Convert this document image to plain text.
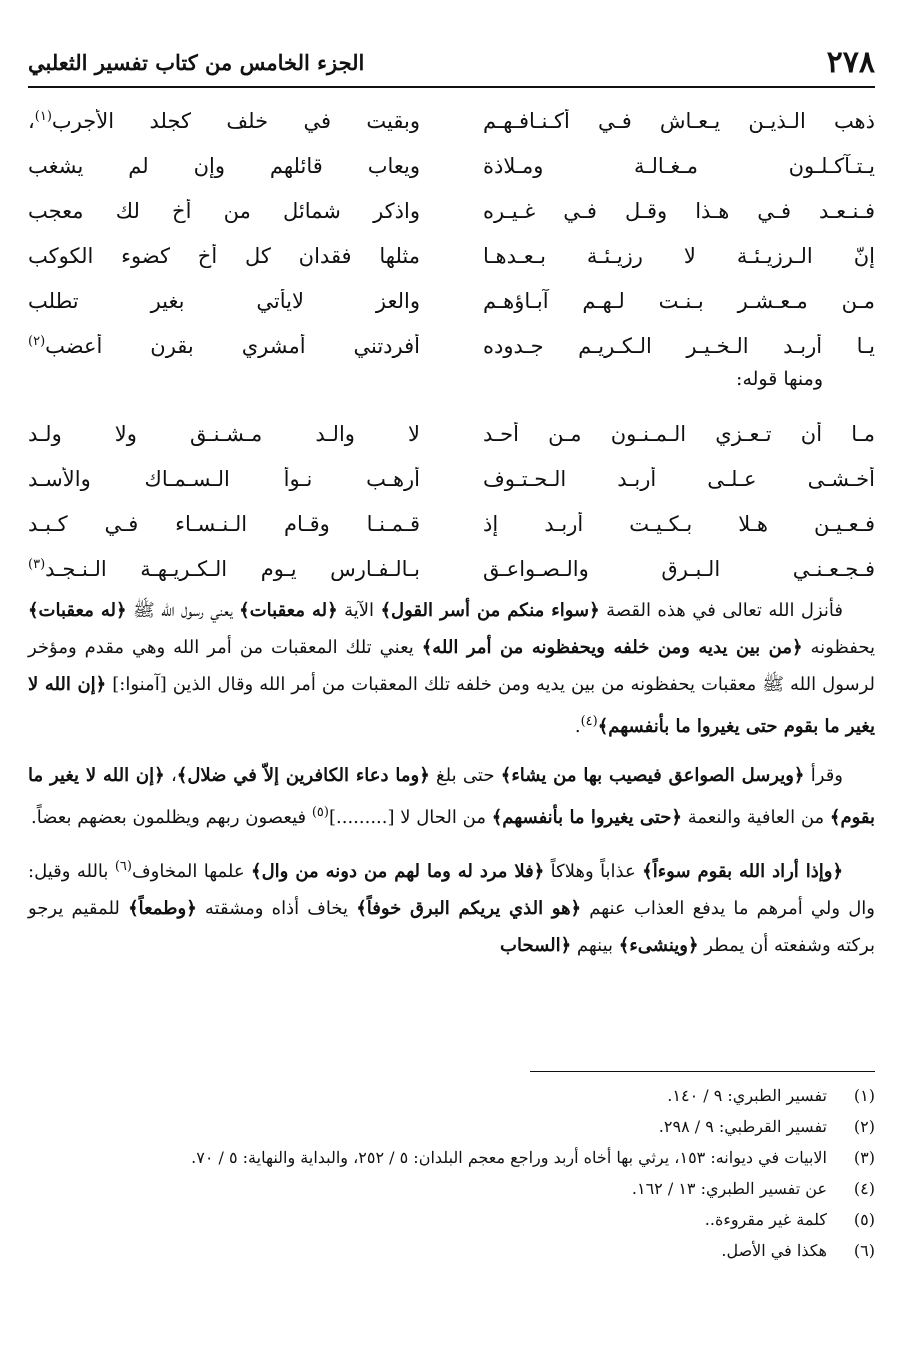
٢٧٨
الجزء الخامس من كتاب تفسير الثعلبي
ذهب الـذيـن يـعـاش فـي أكـنـافـهـم
وبقيت في خلف كجلد الأجرب$^{(١)}$،
يـتـآكـلـون مـغـالـة ومـلاذة
ويعاب قائلهم وإن لم يشغب
فـنـعـد فـي هـذا وقـل فـي غـيـره
واذكر شمائل من أخ لك معجب
إنّ الـرزيـئـة لا رزيـئـة بـعـدهـا
مثلها فقدان كل أخ كضوء الكوكب
مـن مـعـشـر بـنـت لـهـم آبـاؤهـم
والعز لايأتي بغير تطلب
يـا أربـد الـخـيـر الـكـريـم جـدوده
أفردتني أمشري بقرن أعضب$^{(٢)}$
ومنها قوله:
مـا أن تـعـزي الـمـنـون مـن أحـد
لا والـد مـشـنـق ولا ولـد
أخـشـى عـلـى أربـد الـحـتـوف
أرهـب نـوأ الـسـمـاك والأسـد
فـعـيـن هـلا بـكـيـت أربـد إذ
قـمـنـا وقـام الـنـسـاء فـي كـبـد
فـجـعـنـي الـبـرق والـصـواعـق
بـالـفـارس يـوم الـكـريـهـة الـنـجـد$^{(٣)}$

فأنزل الله تعالى في هذه القصة ﴿سواء منكم من أسر القول﴾ الآية ﴿له معقبات﴾ يعني رسول الله ﷺ ﴿له معقبات﴾ يحفظونه ﴿من بين يديه ومن خلفه ويحفظونه من أمر الله﴾ يعني تلك المعقبات من أمر الله وهي مقدم ومؤخر لرسول الله ﷺ معقبات يحفظونه من بين يديه ومن خلفه تلك المعقبات من أمر الله وقال الذين [آمنوا:] ﴿إن الله لا يغير ما بقوم حتى يغيروا ما بأنفسهم﴾$^{(٤)}$.

وقرأ ﴿ويرسل الصواعق فيصيب بها من يشاء﴾ حتى بلغ ﴿وما دعاء الكافرين إلاّ في ضلال﴾، ﴿إن الله لا يغير ما بقوم﴾ من العافية والنعمة ﴿حتى يغيروا ما بأنفسهم﴾ من الحال لا [.........]$^{(٥)}$ فيعصون ربهم ويظلمون بعضهم بعضاً.

﴿وإذا أراد الله بقوم سوءاً﴾ عذاباً وهلاكاً ﴿فلا مرد له وما لهم من دونه من وال﴾ علمها المخاوف$^{(٦)}$ بالله وقيل: وال ولي أمرهم ما يدفع العذاب عنهم ﴿هو الذي يريكم البرق خوفاً﴾ يخاف أذاه ومشقته ﴿وطمعاً﴾ للمقيم يرجو بركته وشفعته أن يمطر ﴿وينشىء﴾ بينهم ﴿السحاب

(١)
تفسير الطبري: ٩ / ١٤٠.
(٢)
تفسير القرطبي: ٩ / ٢٩٨.
(٣)
الابيات في ديوانه: ١٥٣، يرثي بها أخاه أربد وراجع معجم البلدان: ٥ / ٢٥٢، والبداية والنهاية: ٥ / ٧٠.
(٤)
عن تفسير الطبري: ١٣ / ١٦٢.
(٥)
كلمة غير مقروءة..
(٦)
هكذا في الأصل.
